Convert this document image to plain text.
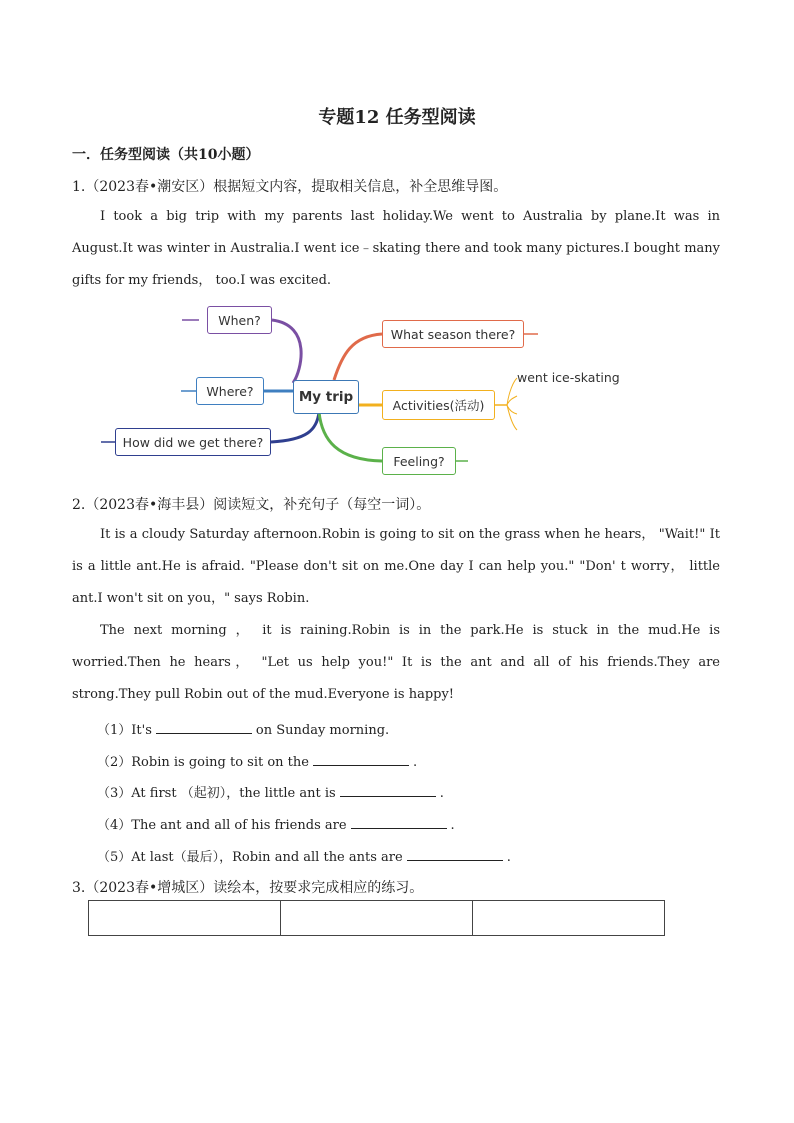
专题12 任务型阅读
一．任务型阅读（共10小题）
1.（2023春•潮安区）根据短文内容，提取相关信息，补全思维导图。

I took a big trip with my parents last holiday.We went to Australia by plane.It was in August.It was winter in Australia.I went ice﹣skating there and took many pictures.I bought many gifts for my friends， too.I was excited.

My trip
When?
Where?
How did we get there?
What season there?
Activities(活动)
went ice-skating
Feeling?
2.（2023春•海丰县）阅读短文，补充句子（每空一词）。

It is a cloudy Saturday afternoon.Robin is going to sit on the grass when he hears， "Wait!" It is a little ant.He is afraid. "Please don't sit on me.One day I can help you." "Don' t worry， little ant.I won't sit on you，" says Robin.

The next morning ， it is raining.Robin is in the park.He is stuck in the mud.He is worried.Then he hears， "Let us help you!" It is the ant and all of his friends.They are strong.They pull Robin out of the mud.Everyone is happy!

（1）It's	on Sunday morning.
（2）Robin is going to sit on the	.
（3）At first （起初），the little ant is	.
（4）The ant and all of his friends are	.
（5）At last（最后），Robin and all the ants are	.
3.（2023春•增城区）读绘本，按要求完成相应的练习。
